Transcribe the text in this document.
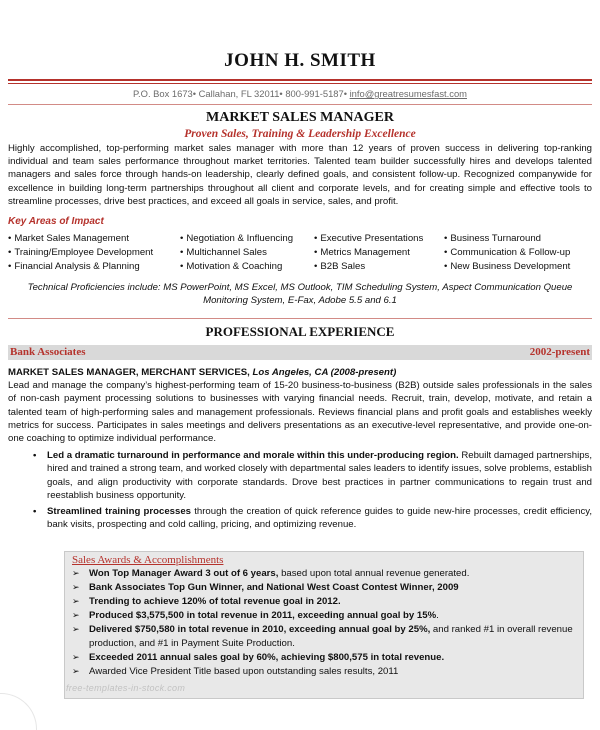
JOHN H. SMITH
P.O. Box 1673• Callahan, FL 32011• 800-991-5187• info@greatresumesfast.com
MARKET SALES MANAGER
Proven Sales, Training & Leadership Excellence
Highly accomplished, top-performing market sales manager with more than 12 years of proven success in delivering top-ranking individual and team sales performance throughout market territories. Talented team builder successfully hires and develops talented managers and sales force through hands-on leadership, clearly defined goals, and consistent follow-up. Recognized companywide for excellence in building long-term partnerships throughout all client and corporate levels, and for creating simple and effective tools to streamline processes, drive best practices, and exceed all goals in service, sales, and profit.
Key Areas of Impact
• Market Sales Management
• Training/Employee Development
• Financial Analysis & Planning
• Negotiation & Influencing
• Multichannel Sales
• Motivation & Coaching
• Executive Presentations
• Metrics Management
• B2B Sales
• Business Turnaround
• Communication & Follow-up
• New Business Development
Technical Proficiencies include: MS PowerPoint, MS Excel, MS Outlook, TIM Scheduling System, Aspect Communication Queue Monitoring System, E-Fax, Adobe 5.5 and 6.1
PROFESSIONAL EXPERIENCE
Bank Associates	2002-present
MARKET SALES MANAGER, MERCHANT SERVICES, Los Angeles, CA (2008-present)
Lead and manage the company’s highest-performing team of 15-20 business-to-business (B2B) outside sales professionals in the sales of non-cash payment processing solutions to businesses with varying financial needs. Recruit, train, develop, motivate, and retain a talented team of high-performing sales and management professionals. Reviews financial plans and profit goals and establishes weekly metrics for success. Participates in sales meetings and delivers presentations as an executive-level representative, and provide one-on-one coaching to optimize individual performance.
• Led a dramatic turnaround in performance and morale within this under-producing region. Rebuilt damaged partnerships, hired and trained a strong team, and worked closely with departmental sales leaders to identify issues, solve problems, establish goals, and align productivity with corporate standards. Drove best practices in partner communications to regain trust and reestablish business opportunity.
• Streamlined training processes through the creation of quick reference guides to guide new-hire processes, credit efficiency, bank visits, prospecting and cold calling, pricing, and optimizing revenue.
Sales Awards & Accomplishments
➢ Won Top Manager Award 3 out of 6 years, based upon total annual revenue generated.
➢ Bank Associates Top Gun Winner, and National West Coast Contest Winner, 2009
➢ Trending to achieve 120% of total revenue goal in 2012.
➢ Produced $3,575,500 in total revenue in 2011, exceeding annual goal by 15%.
➢ Delivered $750,580 in total revenue in 2010, exceeding annual goal by 25%, and ranked #1 in overall revenue production, and #1 in Payment Suite Production.
➢ Exceeded 2011 annual sales goal by 60%, achieving $800,575 in total revenue.
➢ Awarded Vice President Title based upon outstanding sales results, 2011
free-templates-in-stock.com
